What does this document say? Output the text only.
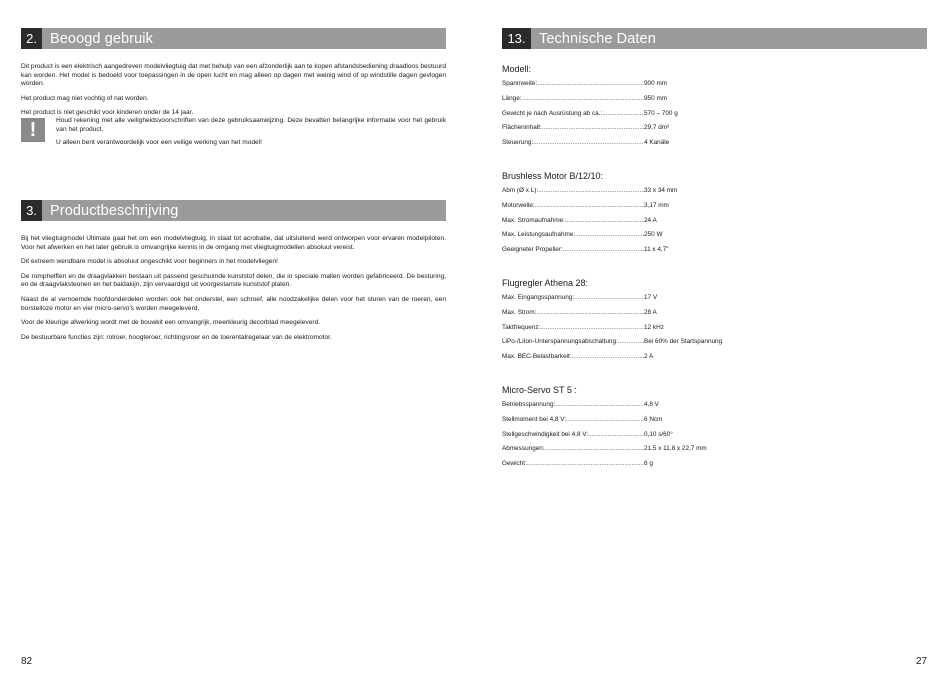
2. Beoogd gebruik

Dit product is een elektrisch aangedreven modelvliegtuig dat met behulp van een afzonderlijk aan te kopen afstandsbediening draadloos bestuurd kan worden. Het model is bedoeld voor toepassingen in de open lucht en mag alleen op dagen met weinig wind of op windstille dagen gevlogen worden.

Het product mag niet vochtig of nat worden.

Het product is niet geschikt voor kinderen onder de 14 jaar.

!	Houd rekening met alle veiligheidsvoorschriften van deze gebruiksaanwijzing. Deze bevatten belangrijke informatie voor het gebruik van het product.

U alleen bent verantwoordelijk voor een veilige werking van het model!

3. Productbeschrijving

Bij het vliegtuigmodel Ultimate gaat het om een modelvliegtuig, in staat tot acrobatie, dat uitsluitend werd ontworpen voor ervaren modelpiloten. Voor het afwerken en het later gebruik is omvangrijke kennis in de omgang met vliegtuigmodellen absoluut vereist.

Dit extreem wendbare model is absoluut ongeschikt voor beginners in het modelvliegen!

De romphelften en de draagvlakken bestaan uit passend geschuimde kunststof delen, die in speciale mallen worden gefabriceerd. De besturing, en de draagvlaksteunen en het baldakijn, zijn vervaardigd uit voorgestanste kunststof platen.

Naast de al vernoemde hoofdonderdelen worden ook het onderstel, een schroef, alle noodzakelijke delen voor het sturen van de roeren, een borstelloze motor en vier micro-servo's worden meegeleverd.

Voor de kleurige afwerking wordt met de bouwkit een omvangrijk, meerkleurig decorblad meegeleverd.

De bestuurbare functies zijn: rolroer, hoogteroer, richtingsroer en de toerentalregelaar van de elektromotor.

82
13. Technische Daten
Modell:
Spannweite: .....	900 mm
Länge: .....	950 mm
Gewicht je nach Ausrüstung ab ca.: .....	570 – 700 g
Flächeninhalt: .....	29,7 dm²
Steuerung: .....	4 Kanäle
Brushless Motor B/12/10:
Abm (Ø x L): .....	33 x 34 mm
Motorwelle: .....	3,17 mm
Max. Stromaufnahme: .....	24 A
Max. Leistungsaufnahme: .....	250 W
Geeigneter Propeller: .....	11 x 4,7"
Flugregler Athena 28:
Max. Eingangsspannung: .....	17 V
Max. Strom: .....	28 A
Taktfrequenz: .....	12 kHz
LiPo-/LiIon-Unterspannungsabschaltung: .....	Bei 60% der Startspannung
Max. BEC-Belastbarkeit: .....	2 A
Micro-Servo ST 5 :
Betriebsspannung: .....	4,8 V
Stellmoment bei 4,8 V: .....	6 Ncm
Stellgeschwindigkeit bei 4,8 V: .....	0,10 s/60°
Abmessungen: .....	21,5 x 11,8 x 22,7 mm
Gewicht: .....	6 g
27
